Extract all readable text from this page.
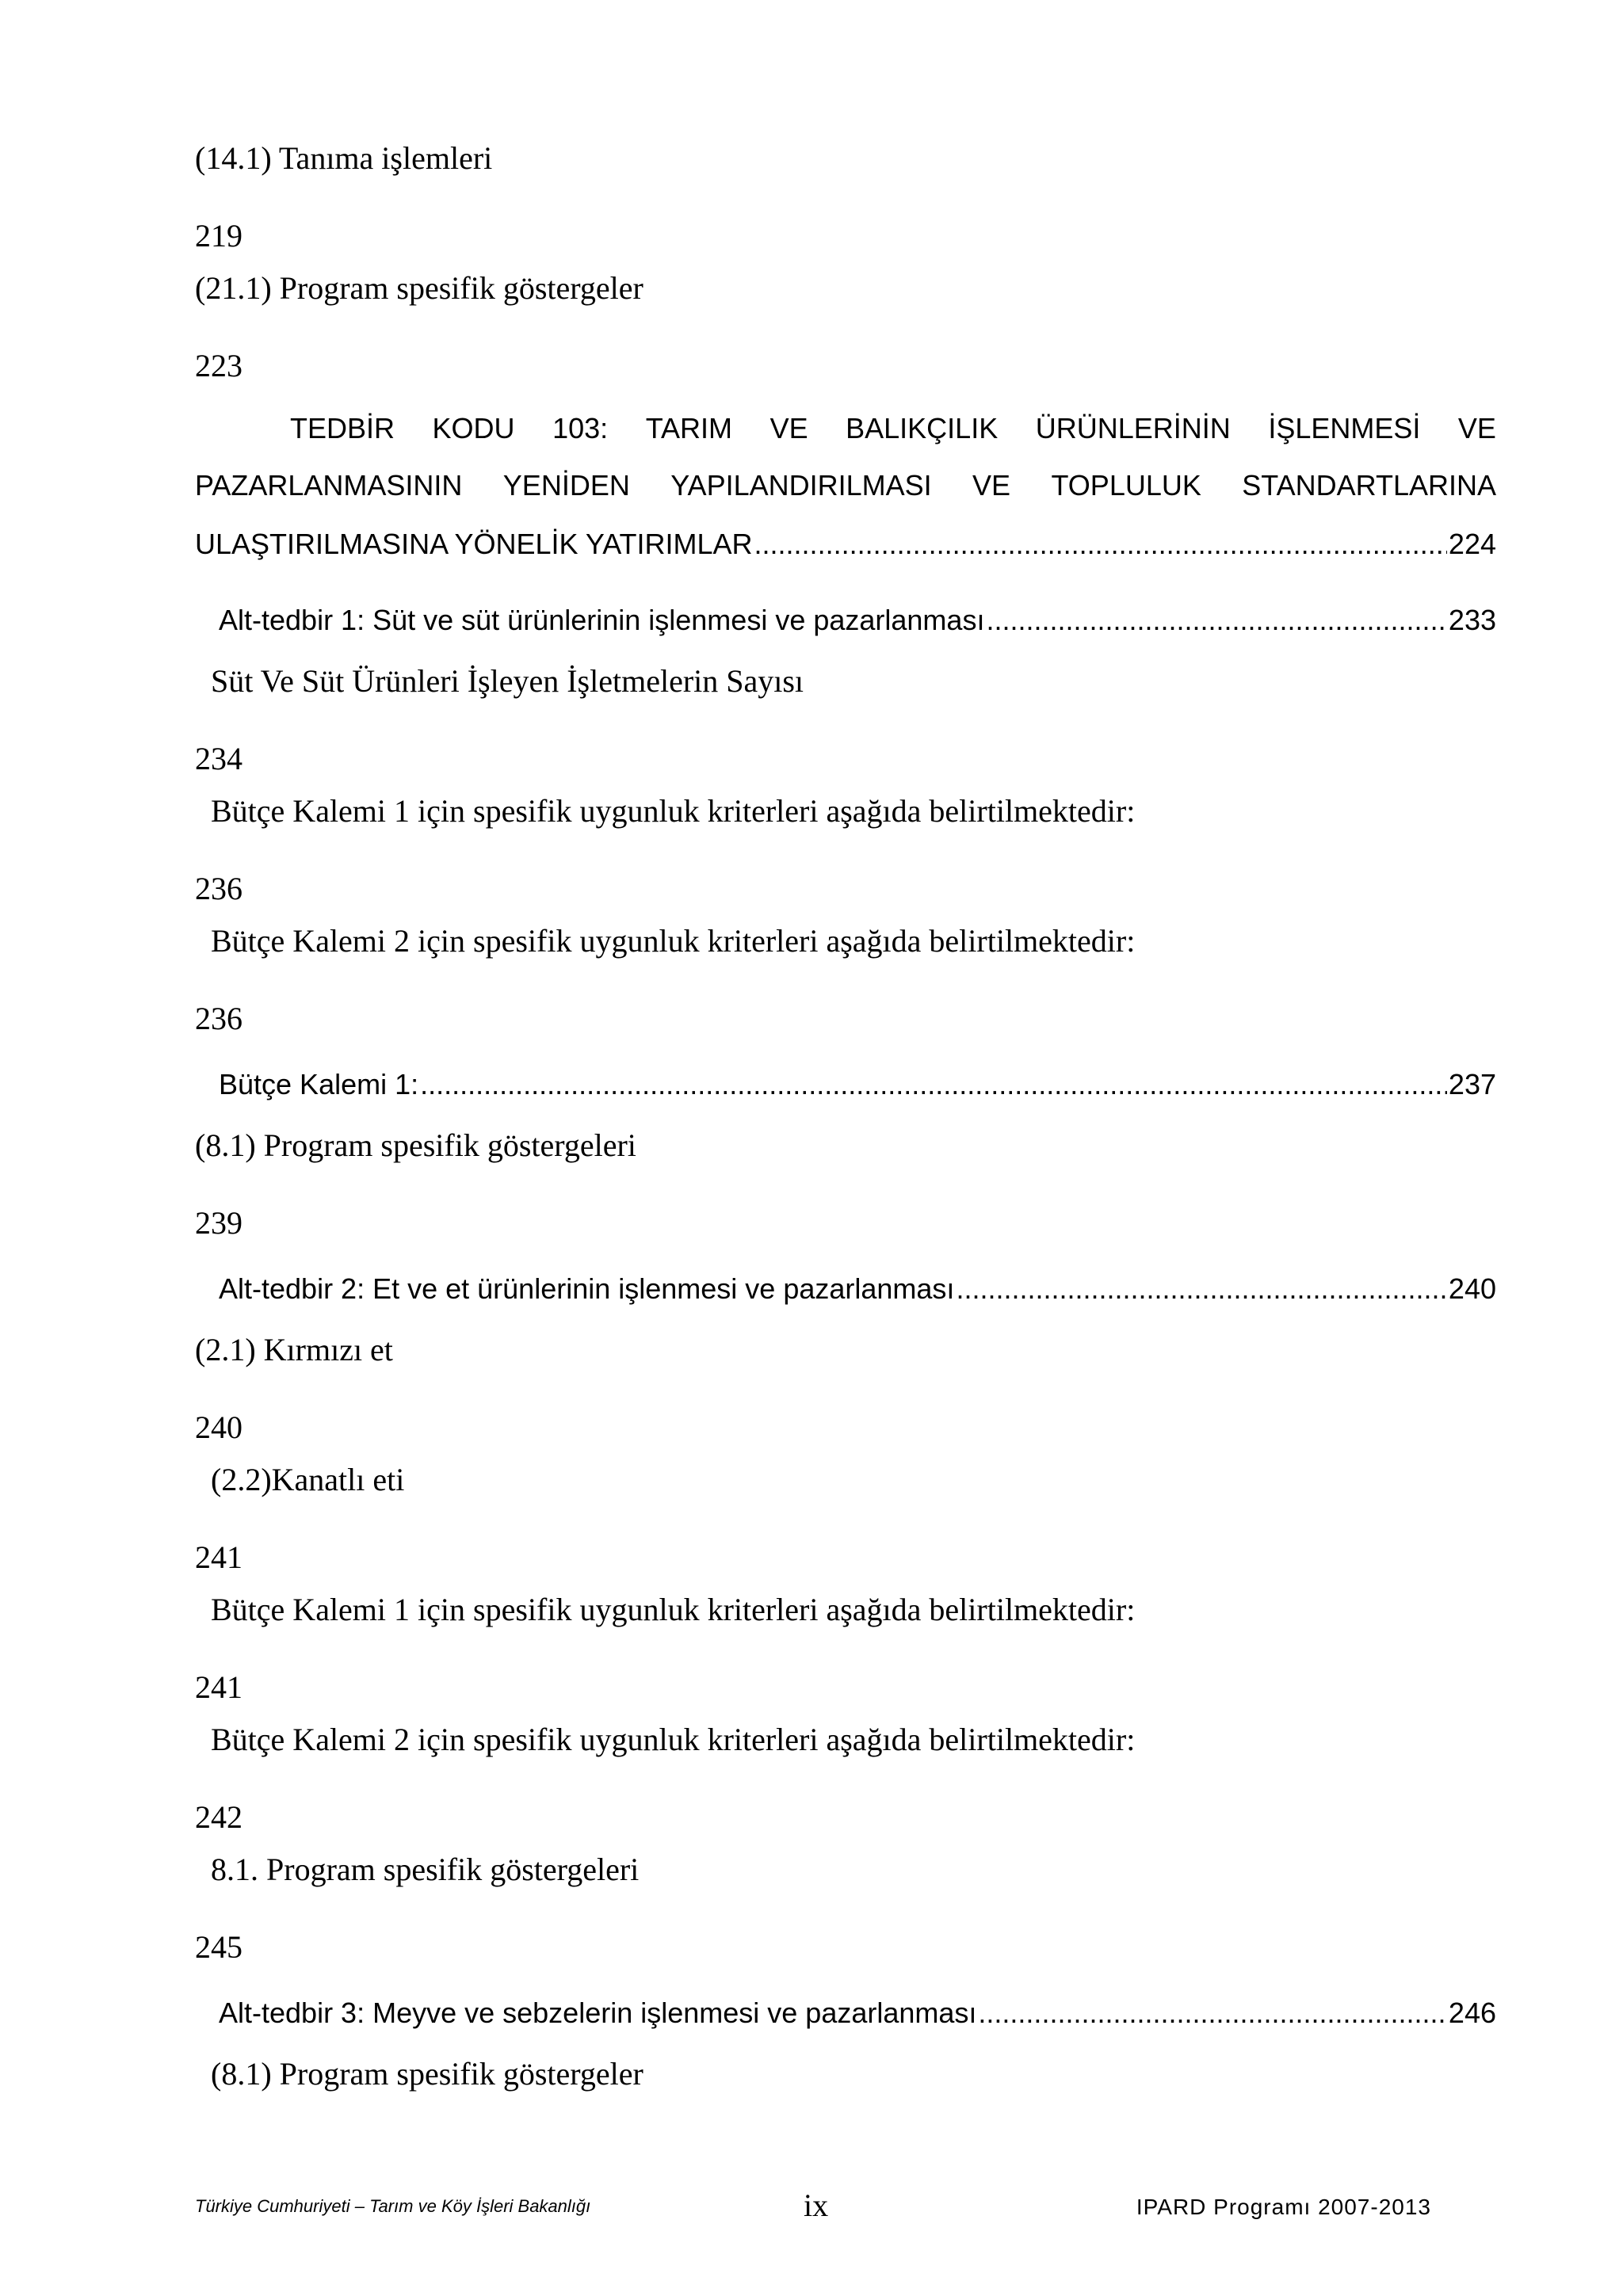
(14.1) Tanıma işlemleri
219
(21.1) Program spesifik göstergeler
223
TEDBİR KODU 103: TARIM VE BALIKÇILIK ÜRÜNLERİNİN İŞLENMESİ VE
PAZARLANMASININ YENİDEN YAPILANDIRILMASI VE TOPLULUK STANDARTLARINA
ULAŞTIRILMASINA YÖNELİK YATIRIMLAR .....	224
Alt-tedbir 1: Süt ve süt ürünlerinin işlenmesi ve pazarlanması .....	233
Süt Ve Süt Ürünleri İşleyen İşletmelerin Sayısı
234
Bütçe Kalemi 1 için spesifik uygunluk kriterleri aşağıda belirtilmektedir:
236
Bütçe Kalemi 2 için spesifik uygunluk kriterleri aşağıda belirtilmektedir:
236
Bütçe Kalemi 1: .....	237
(8.1) Program spesifik göstergeleri
239
Alt-tedbir 2: Et ve et ürünlerinin işlenmesi ve pazarlanması .....	240
(2.1) Kırmızı et
240
(2.2)Kanatlı eti
241
Bütçe Kalemi 1 için spesifik uygunluk kriterleri aşağıda belirtilmektedir:
241
Bütçe Kalemi 2 için spesifik uygunluk kriterleri aşağıda belirtilmektedir:
242
8.1. Program spesifik göstergeleri
245
Alt-tedbir 3: Meyve ve sebzelerin işlenmesi ve pazarlanması .....	246
(8.1) Program spesifik göstergeler
Türkiye Cumhuriyeti – Tarım ve Köy İşleri Bakanlığı	ix	IPARD Programı 2007-2013
